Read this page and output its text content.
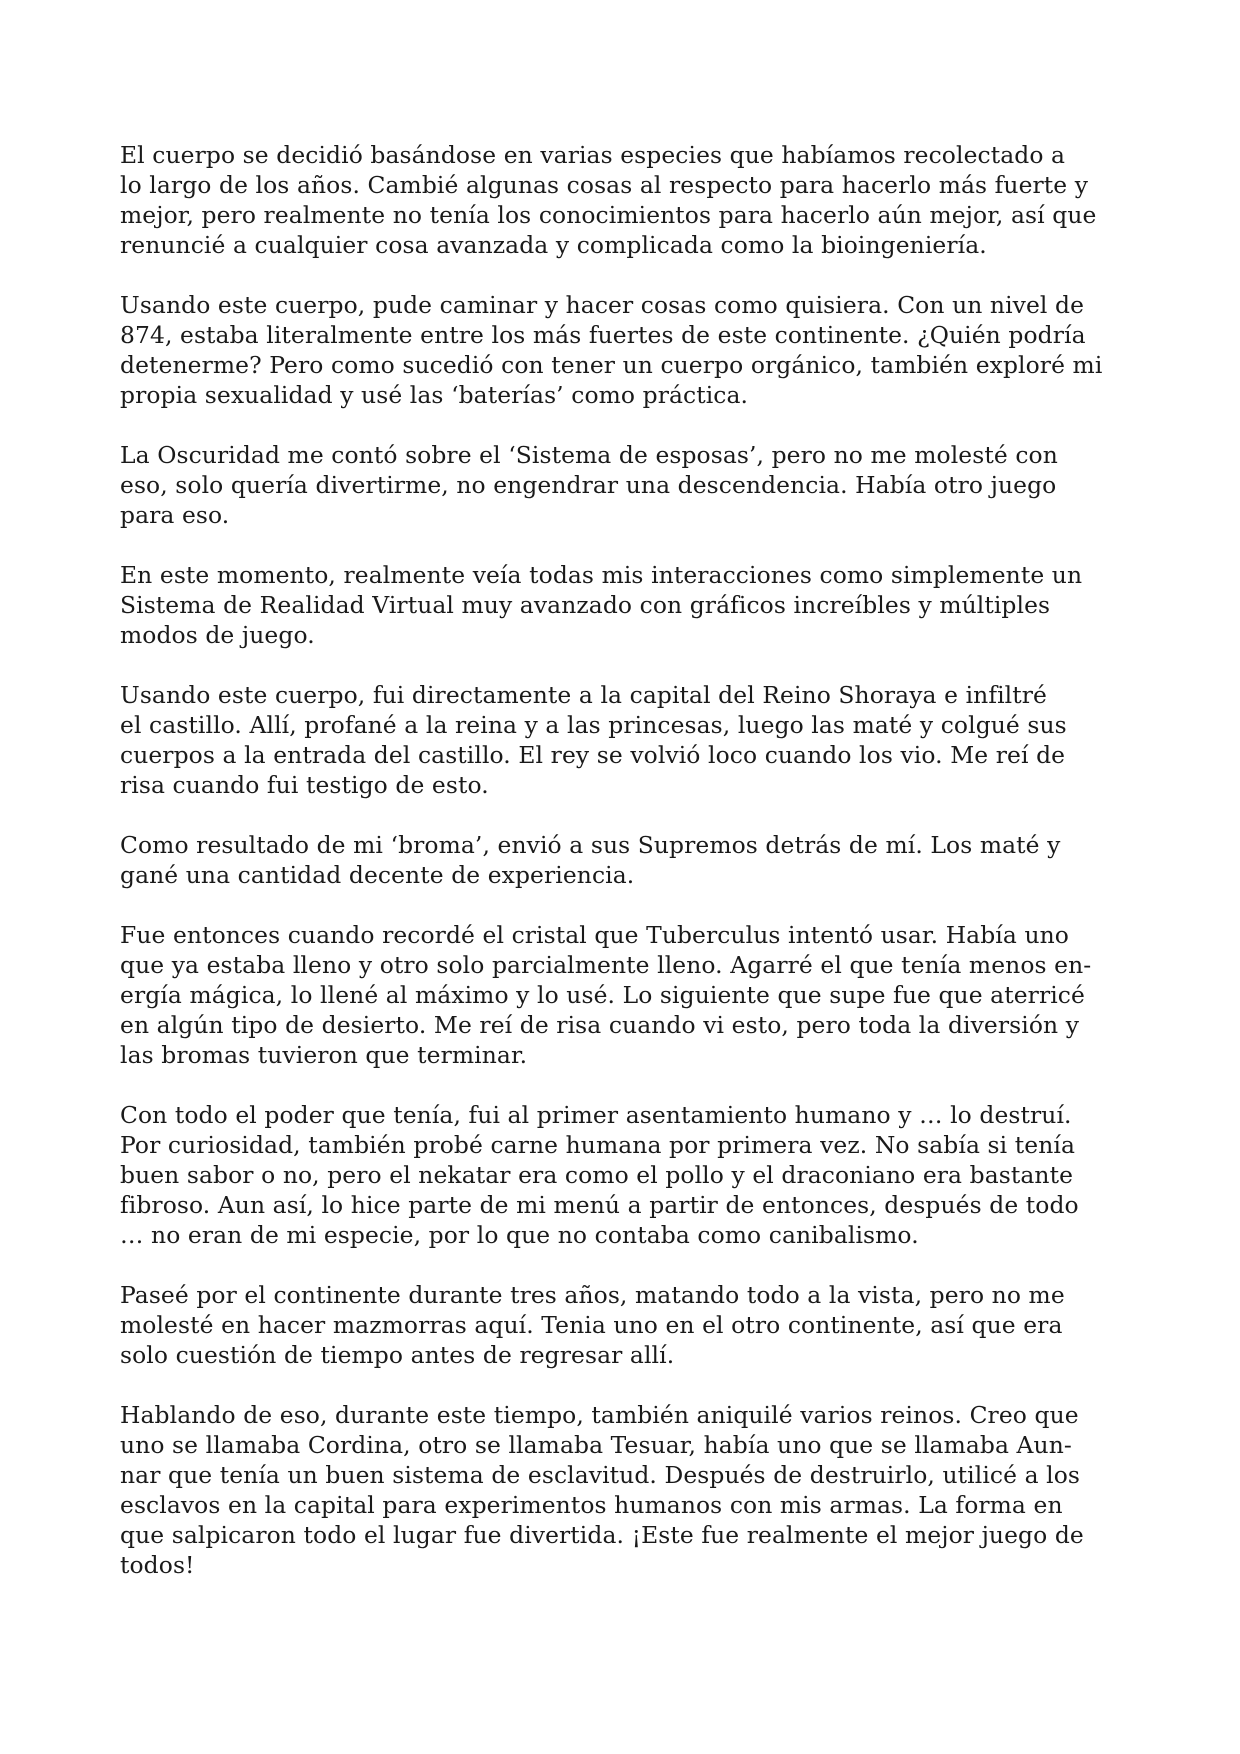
El cuerpo se decidió basándose en varias especies que habíamos recolectado a
lo largo de los años. Cambié algunas cosas al respecto para hacerlo más fuerte y
mejor, pero realmente no tenía los conocimientos para hacerlo aún mejor, así que
renuncié a cualquier cosa avanzada y complicada como la bioingeniería.

Usando este cuerpo, pude caminar y hacer cosas como quisiera. Con un nivel de
874, estaba literalmente entre los más fuertes de este continente. ¿Quién podría
detenerme? Pero como sucedió con tener un cuerpo orgánico, también exploré mi
propia sexualidad y usé las ‘baterías’ como práctica.

La Oscuridad me contó sobre el ‘Sistema de esposas’, pero no me molesté con
eso, solo quería divertirme, no engendrar una descendencia. Había otro juego
para eso.

En este momento, realmente veía todas mis interacciones como simplemente un
Sistema de Realidad Virtual muy avanzado con gráficos increíbles y múltiples
modos de juego.

Usando este cuerpo, fui directamente a la capital del Reino Shoraya e infiltré
el castillo. Allí, profané a la reina y a las princesas, luego las maté y colgué sus
cuerpos a la entrada del castillo. El rey se volvió loco cuando los vio. Me reí de
risa cuando fui testigo de esto.

Como resultado de mi ‘broma’, envió a sus Supremos detrás de mí. Los maté y
gané una cantidad decente de experiencia.

Fue entonces cuando recordé el cristal que Tuberculus intentó usar. Había uno
que ya estaba lleno y otro solo parcialmente lleno. Agarré el que tenía menos en-
ergía mágica, lo llené al máximo y lo usé. Lo siguiente que supe fue que aterricé
en algún tipo de desierto. Me reí de risa cuando vi esto, pero toda la diversión y
las bromas tuvieron que terminar.

Con todo el poder que tenía, fui al primer asentamiento humano y … lo destruí.
Por curiosidad, también probé carne humana por primera vez. No sabía si tenía
buen sabor o no, pero el nekatar era como el pollo y el draconiano era bastante
fibroso. Aun así, lo hice parte de mi menú a partir de entonces, después de todo
… no eran de mi especie, por lo que no contaba como canibalismo.

Paseé por el continente durante tres años, matando todo a la vista, pero no me
molesté en hacer mazmorras aquí. Tenia uno en el otro continente, así que era
solo cuestión de tiempo antes de regresar allí.

Hablando de eso, durante este tiempo, también aniquilé varios reinos. Creo que
uno se llamaba Cordina, otro se llamaba Tesuar, había uno que se llamaba Aun-
nar que tenía un buen sistema de esclavitud. Después de destruirlo, utilicé a los
esclavos en la capital para experimentos humanos con mis armas. La forma en
que salpicaron todo el lugar fue divertida. ¡Este fue realmente el mejor juego de
todos!
